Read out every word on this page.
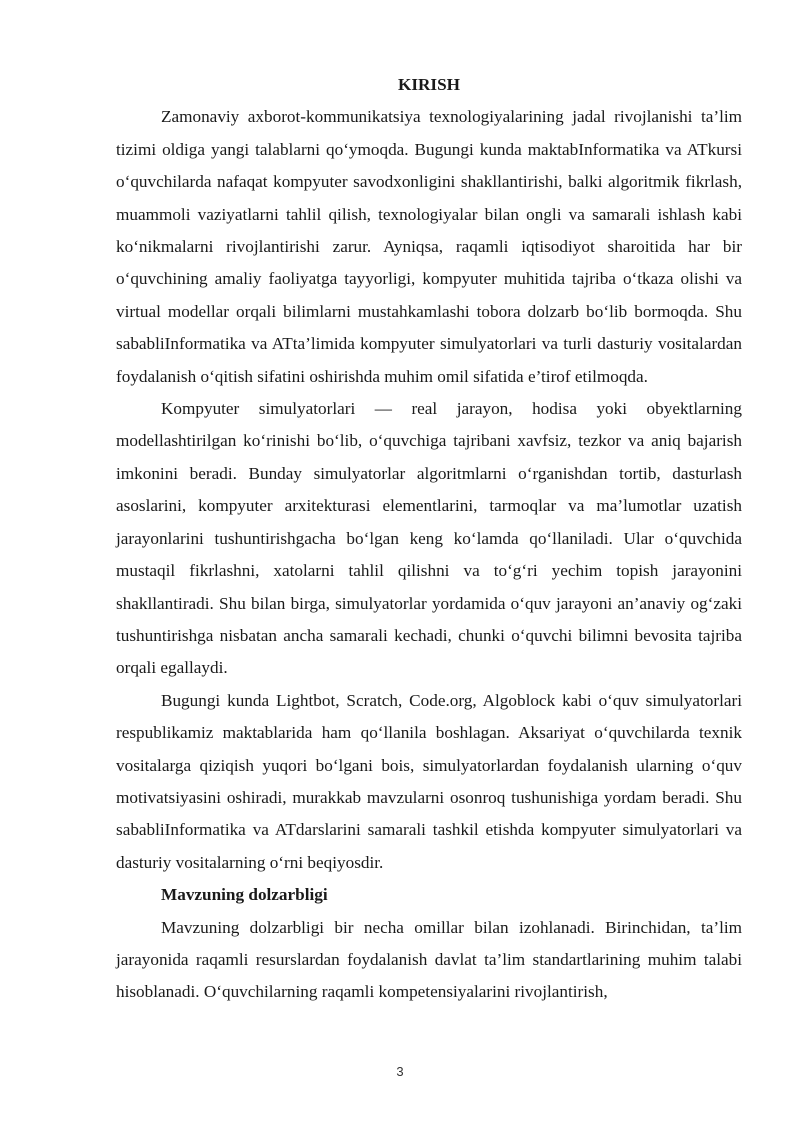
KIRISH

Zamonaviy axborot-kommunikatsiya texnologiyalarining jadal rivojlanishi ta’lim tizimi oldiga yangi talablarni qo‘ymoqda. Bugungi kunda maktabInformatika va ATkursi o‘quvchilarda nafaqat kompyuter savodxonligini shakllantirishi, balki algoritmik fikrlash, muammoli vaziyatlarni tahlil qilish, texnologiyalar bilan ongli va samarali ishlash kabi ko‘nikmalarni rivojlantirishi zarur. Ayniqsa, raqamli iqtisodiyot sharoitida har bir o‘quvchining amaliy faoliyatga tayyorligi, kompyuter muhitida tajriba o‘tkaza olishi va virtual modellar orqali bilimlarni mustahkamlashi tobora dolzarb bo‘lib bormoqda. Shu sababliInformatika va ATta’limida kompyuter simulyatorlari va turli dasturiy vositalardan foydalanish o‘qitish sifatini oshirishda muhim omil sifatida e’tirof etilmoqda.

Kompyuter simulyatorlari — real jarayon, hodisa yoki obyektlarning modellashtirilgan ko‘rinishi bo‘lib, o‘quvchiga tajribani xavfsiz, tezkor va aniq bajarish imkonini beradi. Bunday simulyatorlar algoritmlarni o‘rganishdan tortib, dasturlash asoslarini, kompyuter arxitekturasi elementlarini, tarmoqlar va ma’lumotlar uzatish jarayonlarini tushuntirishgacha bo‘lgan keng ko‘lamda qo‘llaniladi. Ular o‘quvchida mustaqil fikrlashni, xatolarni tahlil qilishni va to‘g‘ri yechim topish jarayonini shakllantiradi. Shu bilan birga, simulyatorlar yordamida o‘quv jarayoni an’anaviy og‘zaki tushuntirishga nisbatan ancha samarali kechadi, chunki o‘quvchi bilimni bevosita tajriba orqali egallaydi.

Bugungi kunda Lightbot, Scratch, Code.org, Algoblock kabi o‘quv simulyatorlari respublikamiz maktablarida ham qo‘llanila boshlagan. Aksariyat o‘quvchilarda texnik vositalarga qiziqish yuqori bo‘lgani bois, simulyatorlardan foydalanish ularning o‘quv motivatsiyasini oshiradi, murakkab mavzularni osonroq tushunishiga yordam beradi. Shu sababliInformatika va ATdarslarini samarali tashkil etishda kompyuter simulyatorlari va dasturiy vositalarning o‘rni beqiyosdir.

Mavzuning dolzarbligi

Mavzuning dolzarbligi bir necha omillar bilan izohlanadi. Birinchidan, ta’lim jarayonida raqamli resurslardan foydalanish davlat ta’lim standartlarining muhim talabi hisoblanadi. O‘quvchilarning raqamli kompetensiyalarini rivojlantirish,

3
